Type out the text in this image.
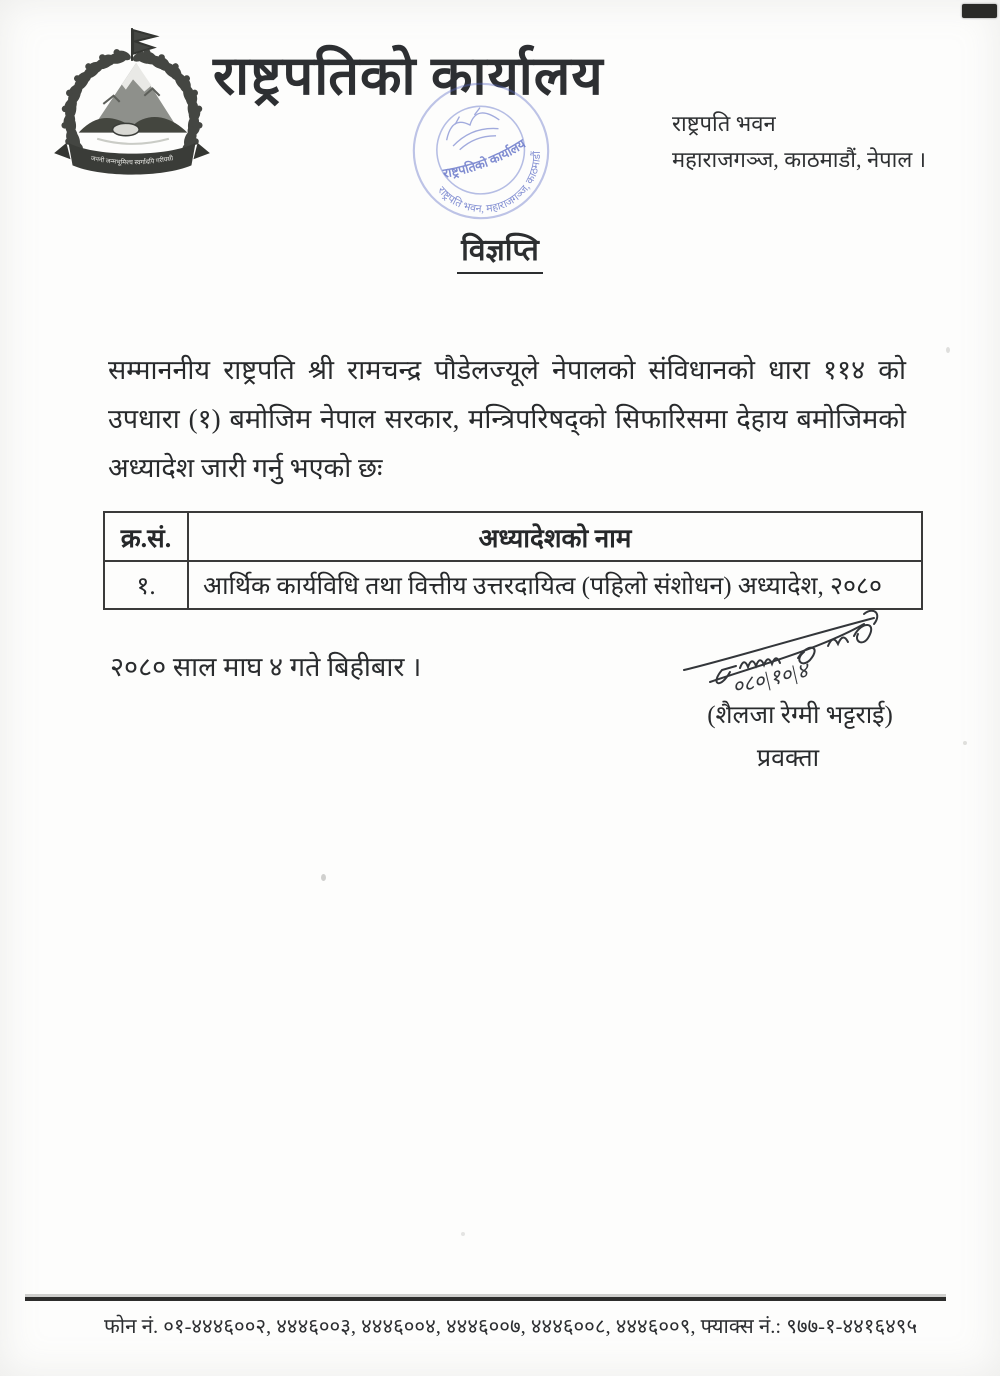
जननी जन्मभूमिश्च स्वर्गादपि गरीयसी
राष्ट्रपतिको कार्यालय
राष्ट्रपतिको कार्यालय
राष्ट्रपति भवन, महाराजगञ्ज, काठमाडौं
राष्ट्रपति भवन
महाराजगञ्ज, काठमाडौं, नेपाल ।
विज्ञप्ति
सम्माननीय राष्ट्रपति श्री रामचन्द्र पौडेलज्यूले नेपालको संविधानको धारा ११४ को
उपधारा (१) बमोजिम नेपाल सरकार, मन्त्रिपरिषद्को सिफारिसमा देहाय बमोजिमको
अध्यादेश जारी गर्नु भएको छः
क्र.सं.	अध्यादेशको नाम
१.	आर्थिक कार्यविधि तथा वित्तीय उत्तरदायित्व (पहिलो संशोधन) अध्यादेश, २०८०
२०८० साल माघ ४ गते बिहीबार ।	०८०|१०|४
(शैलजा रेग्मी भट्टराई)
प्रवक्ता
फोन नं. ०१-४४४६००२, ४४४६००३, ४४४६००४, ४४४६००७, ४४४६००८, ४४४६००९, फ्याक्स नं.: ९७७-१-४४१६४९५
